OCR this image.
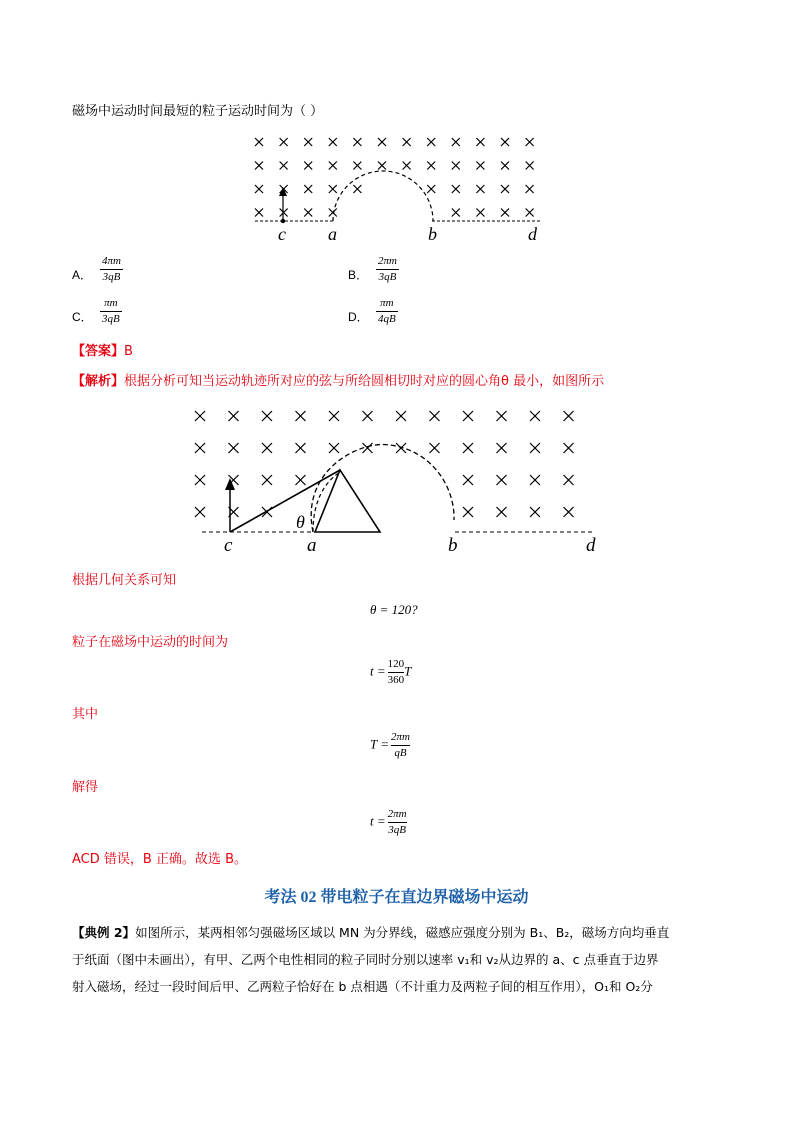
磁场中运动时间最短的粒子运动时间为（ ）
c a	b	d
A．
4πm
3qB	B．
2πm
3qB
C．
πm
3qB	D．
πm
4qB
【答案】B
【解析】根据分析可知当运动轨迹所对应的弦与所给圆相切时对应的圆心角θ 最小，如图所示
θ
c	a	b	d
根据几何关系可知
θ = 120?
粒子在磁场中运动的时间为
$t = \frac{120}{360}$ T
其中
$T = \frac{2\pi m}{qB}$
解得
$t = \frac{2\pi m}{3qB}$
ACD 错误，B 正确。故选 B。
考法 02 带电粒子在直边界磁场中运动
【典例 2】如图所示，某两相邻匀强磁场区域以 MN 为分界线，磁感应强度分别为 B₁、B₂，磁场方向均垂直
于纸面（图中未画出），有甲、乙两个电性相同的粒子同时分别以速率 v₁和 v₂从边界的 a、c 点垂直于边界
射入磁场，经过一段时间后甲、乙两粒子恰好在 b 点相遇（不计重力及两粒子间的相互作用），O₁和 O₂分
